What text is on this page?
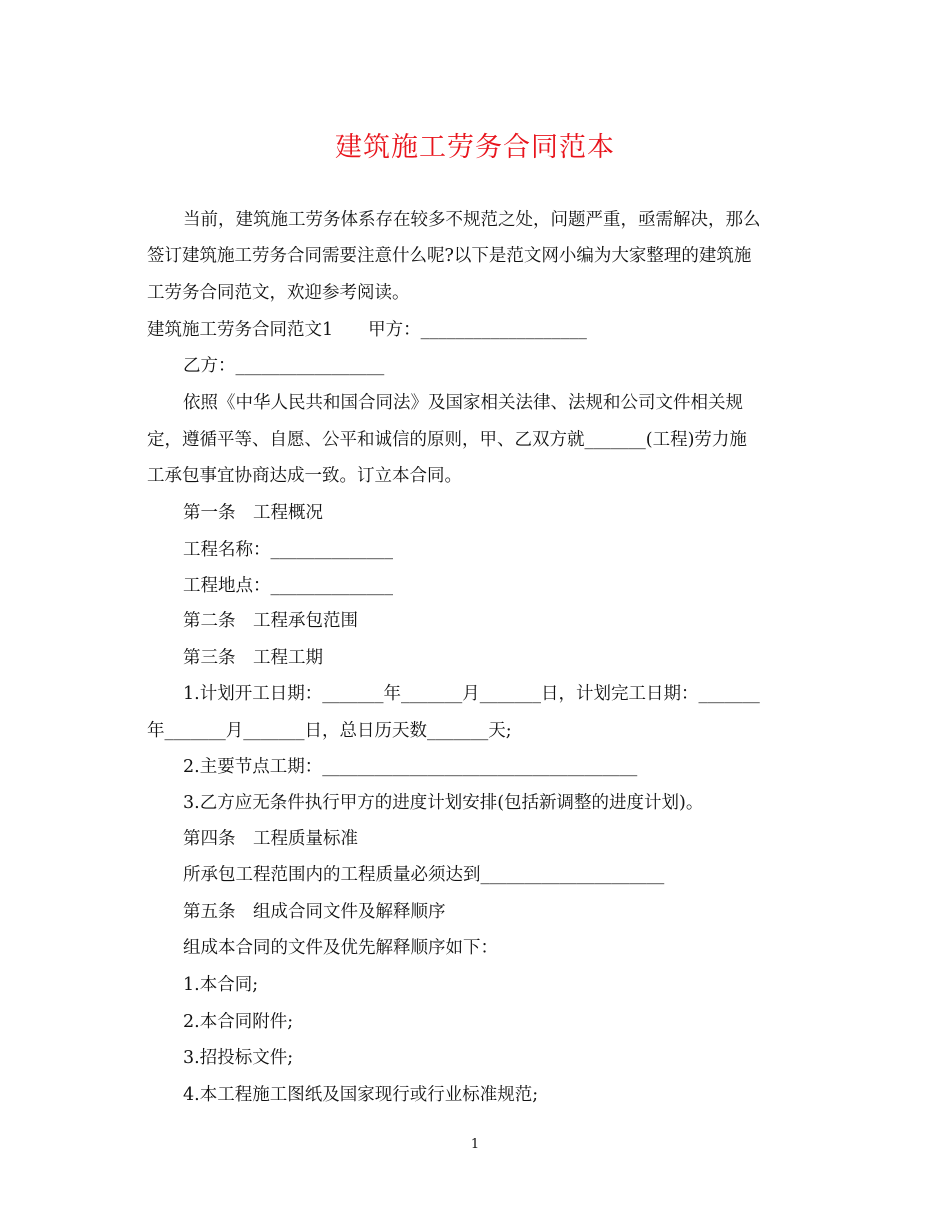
建筑施工劳务合同范本
当前，建筑施工劳务体系存在较多不规范之处，问题严重，亟需解决，那么
签订建筑施工劳务合同需要注意什么呢?以下是范文网小编为大家整理的建筑施
工劳务合同范文，欢迎参考阅读。
建筑施工劳务合同范文1　　甲方：___________________
乙方：_________________
依照《中华人民共和国合同法》及国家相关法律、法规和公司文件相关规
定，遵循平等、自愿、公平和诚信的原则，甲、乙双方就_______(工程)劳力施
工承包事宜协商达成一致。订立本合同。
第一条　工程概况
工程名称：______________
工程地点：______________
第二条　工程承包范围
第三条　工程工期
1.计划开工日期：_______年_______月_______日，计划完工日期：_______
年_______月_______日，总日历天数_______天;
2.主要节点工期：____________________________________
3.乙方应无条件执行甲方的进度计划安排(包括新调整的进度计划)。
第四条　工程质量标准
所承包工程范围内的工程质量必须达到_____________________
第五条　组成合同文件及解释顺序
组成本合同的文件及优先解释顺序如下：
1.本合同;
2.本合同附件;
3.招投标文件;
4.本工程施工图纸及国家现行或行业标准规范;
1
